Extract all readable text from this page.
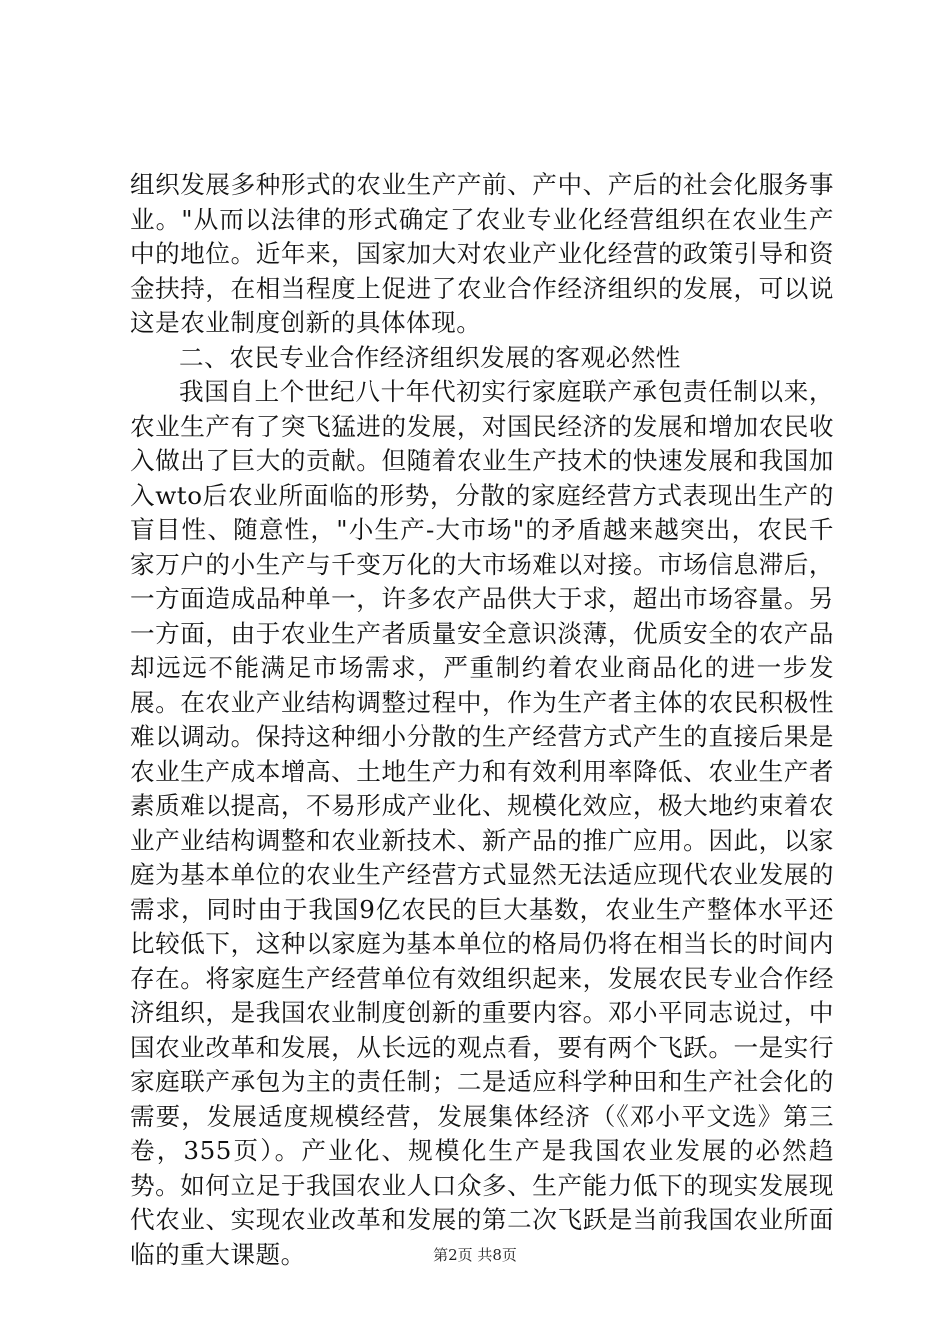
组织发展多种形式的农业生产产前、产中、产后的社会化服务事业。"从而以法律的形式确定了农业专业化经营组织在农业生产中的地位。近年来，国家加大对农业产业化经营的政策引导和资金扶持，在相当程度上促进了农业合作经济组织的发展，可以说这是农业制度创新的具体体现。

二、农民专业合作经济组织发展的客观必然性

我国自上个世纪八十年代初实行家庭联产承包责任制以来，农业生产有了突飞猛进的发展，对国民经济的发展和增加农民收入做出了巨大的贡献。但随着农业生产技术的快速发展和我国加入wto后农业所面临的形势，分散的家庭经营方式表现出生产的盲目性、随意性，"小生产-大市场"的矛盾越来越突出，农民千家万户的小生产与千变万化的大市场难以对接。市场信息滞后，一方面造成品种单一，许多农产品供大于求，超出市场容量。另一方面，由于农业生产者质量安全意识淡薄，优质安全的农产品却远远不能满足市场需求，严重制约着农业商品化的进一步发展。在农业产业结构调整过程中，作为生产者主体的农民积极性难以调动。保持这种细小分散的生产经营方式产生的直接后果是农业生产成本增高、土地生产力和有效利用率降低、农业生产者素质难以提高，不易形成产业化、规模化效应，极大地约束着农业产业结构调整和农业新技术、新产品的推广应用。因此，以家庭为基本单位的农业生产经营方式显然无法适应现代农业发展的需求，同时由于我国9亿农民的巨大基数，农业生产整体水平还比较低下，这种以家庭为基本单位的格局仍将在相当长的时间内存在。将家庭生产经营单位有效组织起来，发展农民专业合作经济组织，是我国农业制度创新的重要内容。邓小平同志说过，中国农业改革和发展，从长远的观点看，要有两个飞跃。一是实行家庭联产承包为主的责任制；二是适应科学种田和生产社会化的需要，发展适度规模经营，发展集体经济（《邓小平文选》第三卷，355页）。产业化、规模化生产是我国农业发展的必然趋势。如何立足于我国农业人口众多、生产能力低下的现实发展现代农业、实现农业改革和发展的第二次飞跃是当前我国农业所面临的重大课题。	第2页 共8页
